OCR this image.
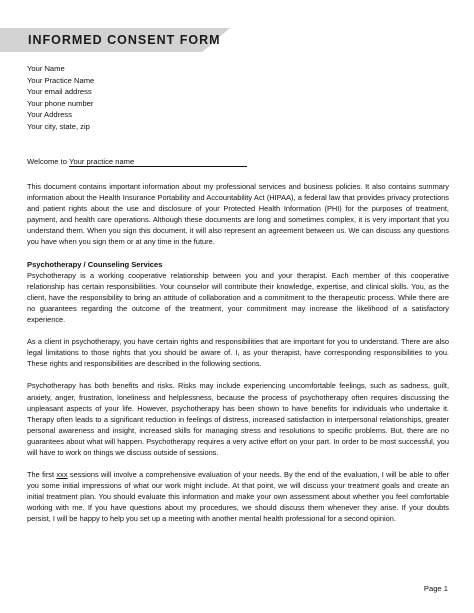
INFORMED CONSENT FORM
Your Name
Your Practice Name
Your email address
Your phone number
Your Address
Your city, state, zip
Welcome to Your practice name

This document contains important information about my professional services and business policies. It also contains summary information about the Health Insurance Portability and Accountability Act (HIPAA), a federal law that provides privacy protections and patient rights about the use and disclosure of your Protected Health Information (PHI) for the purposes of treatment, payment, and health care operations. Although these documents are long and sometimes complex, it is very important that you understand them. When you sign this document, it will also represent an agreement between us. We can discuss any questions you have when you sign them or at any time in the future.

Psychotherapy / Counseling Services

Psychotherapy is a working cooperative relationship between you and your therapist. Each member of this cooperative relationship has certain responsibilities. Your counselor will contribute their knowledge, expertise, and clinical skills. You, as the client, have the responsibility to bring an attitude of collaboration and a commitment to the therapeutic process. While there are no guarantees regarding the outcome of the treatment, your commitment may increase the likelihood of a satisfactory experience.

As a client in psychotherapy, you have certain rights and responsibilities that are important for you to understand. There are also legal limitations to those rights that you should be aware of. I, as your therapist, have corresponding responsibilities to you. These rights and responsibilities are described in the following sections.

Psychotherapy has both benefits and risks. Risks may include experiencing uncomfortable feelings, such as sadness, guilt, anxiety, anger, frustration, loneliness and helplessness, because the process of psychotherapy often requires discussing the unpleasant aspects of your life. However, psychotherapy has been shown to have benefits for individuals who undertake it. Therapy often leads to a significant reduction in feelings of distress, increased satisfaction in interpersonal relationships, greater personal awareness and insight, increased skills for managing stress and resolutions to specific problems. But, there are no guarantees about what will happen. Psychotherapy requires a very active effort on your part. In order to be most successful, you will have to work on things we discuss outside of sessions.

The first xxx sessions will involve a comprehensive evaluation of your needs. By the end of the evaluation, I will be able to offer you some initial impressions of what our work might include. At that point, we will discuss your treatment goals and create an initial treatment plan. You should evaluate this information and make your own assessment about whether you feel comfortable working with me. If you have questions about my procedures, we should discuss them whenever they arise. If your doubts persist, I will be happy to help you set up a meeting with another mental health professional for a second opinion.

Page 1
